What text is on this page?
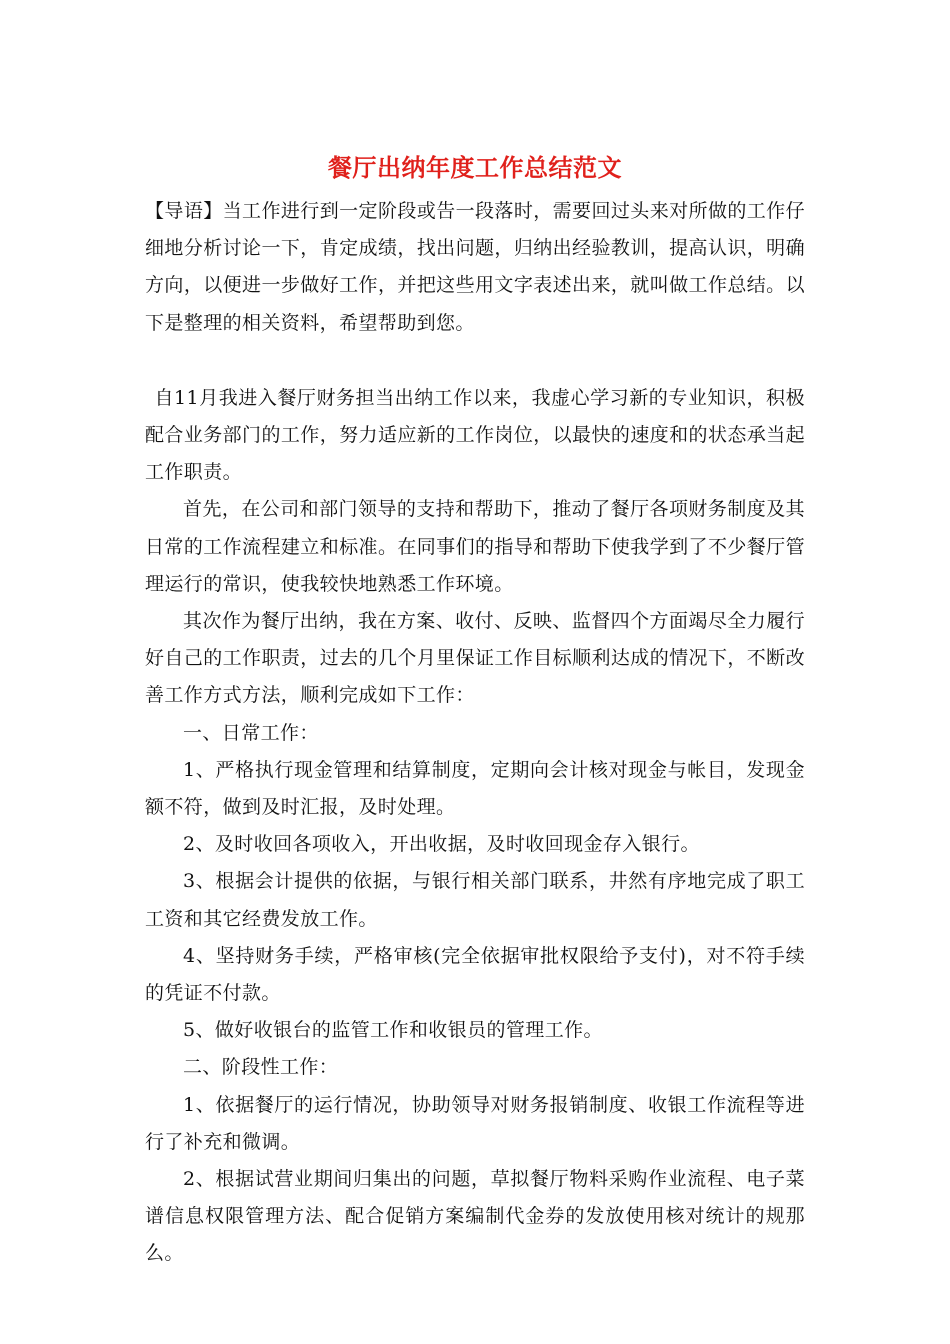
餐厅出纳年度工作总结范文

【导语】当工作进行到一定阶段或告一段落时，需要回过头来对所做的工作仔细地分析讨论一下，肯定成绩，找出问题，归纳出经验教训，提高认识，明确方向，以便进一步做好工作，并把这些用文字表述出来，就叫做工作总结。以下是整理的相关资料，希望帮助到您。

自11月我进入餐厅财务担当出纳工作以来，我虚心学习新的专业知识，积极配合业务部门的工作，努力适应新的工作岗位，以最快的速度和的状态承当起工作职责。

首先，在公司和部门领导的支持和帮助下，推动了餐厅各项财务制度及其日常的工作流程建立和标准。在同事们的指导和帮助下使我学到了不少餐厅管理运行的常识，使我较快地熟悉工作环境。

其次作为餐厅出纳，我在方案、收付、反映、监督四个方面竭尽全力履行好自己的工作职责，过去的几个月里保证工作目标顺利达成的情况下，不断改善工作方式方法，顺利完成如下工作：

一、日常工作：

1、严格执行现金管理和结算制度，定期向会计核对现金与帐目，发现金额不符，做到及时汇报，及时处理。

2、及时收回各项收入，开出收据，及时收回现金存入银行。

3、根据会计提供的依据，与银行相关部门联系，井然有序地完成了职工工资和其它经费发放工作。

4、坚持财务手续，严格审核(完全依据审批权限给予支付)，对不符手续的凭证不付款。

5、做好收银台的监管工作和收银员的管理工作。

二、阶段性工作：

1、依据餐厅的运行情况，协助领导对财务报销制度、收银工作流程等进行了补充和微调。

2、根据试营业期间归集出的问题，草拟餐厅物料采购作业流程、电子菜谱信息权限管理方法、配合促销方案编制代金券的发放使用核对统计的规那么。
